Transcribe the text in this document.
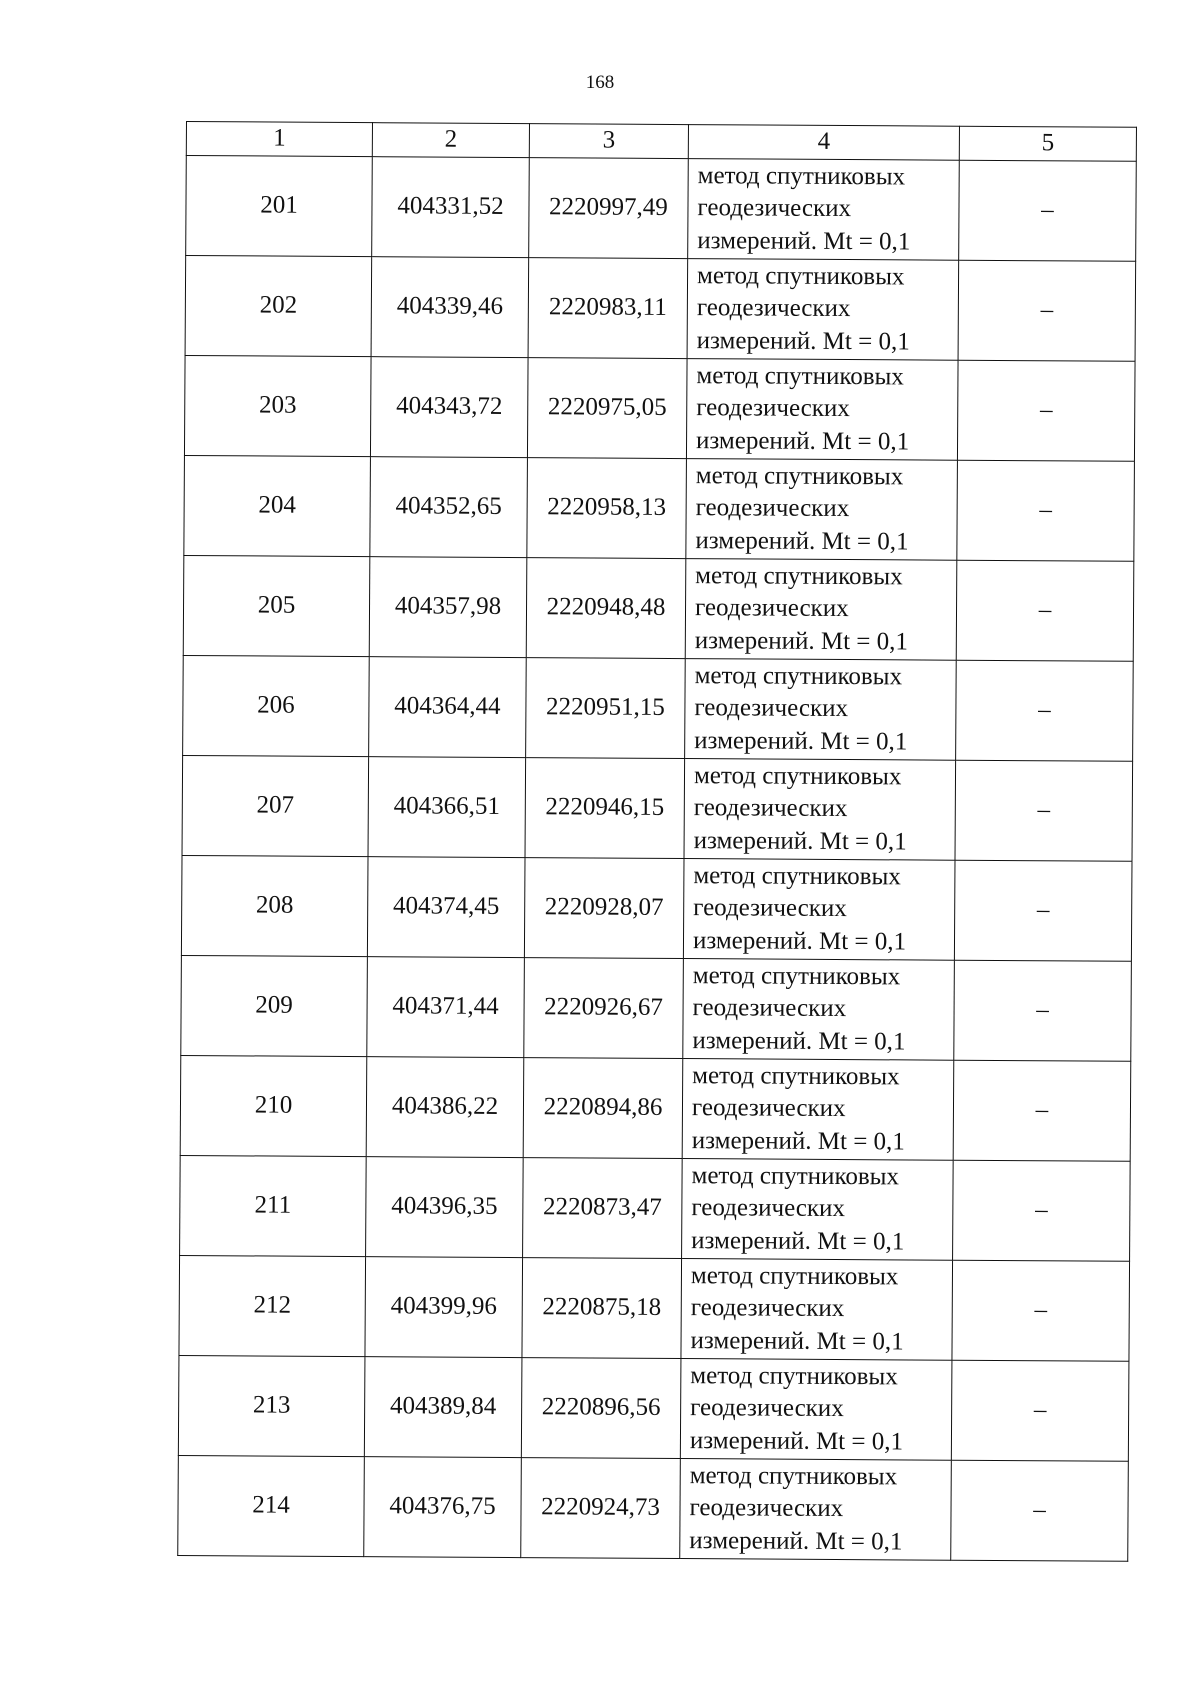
168
1	2	3	4	5
201	404331,52	2220997,49	метод спутниковых
геодезических
измерений. Mt = 0,1	–
202	404339,46	2220983,11	метод спутниковых
геодезических
измерений. Mt = 0,1	–
203	404343,72	2220975,05	метод спутниковых
геодезических
измерений. Mt = 0,1	–
204	404352,65	2220958,13	метод спутниковых
геодезических
измерений. Mt = 0,1	–
205	404357,98	2220948,48	метод спутниковых
геодезических
измерений. Mt = 0,1	–
206	404364,44	2220951,15	метод спутниковых
геодезических
измерений. Mt = 0,1	–
207	404366,51	2220946,15	метод спутниковых
геодезических
измерений. Mt = 0,1	–
208	404374,45	2220928,07	метод спутниковых
геодезических
измерений. Mt = 0,1	–
209	404371,44	2220926,67	метод спутниковых
геодезических
измерений. Mt = 0,1	–
210	404386,22	2220894,86	метод спутниковых
геодезических
измерений. Mt = 0,1	–
211	404396,35	2220873,47	метод спутниковых
геодезических
измерений. Mt = 0,1	–
212	404399,96	2220875,18	метод спутниковых
геодезических
измерений. Mt = 0,1	–
213	404389,84	2220896,56	метод спутниковых
геодезических
измерений. Mt = 0,1	–
214	404376,75	2220924,73	метод спутниковых
геодезических
измерений. Mt = 0,1	–
